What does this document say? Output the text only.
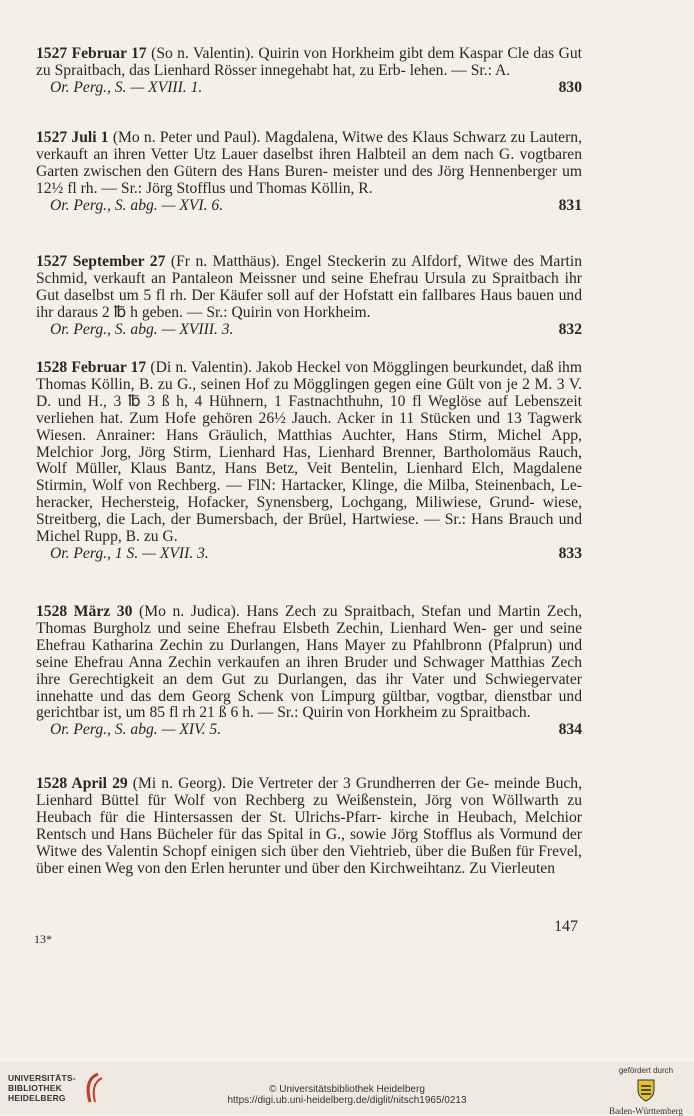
1527 Februar 17 (So n. Valentin). Quirin von Horkheim gibt dem Kaspar Cle das Gut zu Spraitbach, das Lienhard Rösser innegehabt hat, zu Erb- lehen. — Sr.: A.

Or. Perg., S. — XVIII. 1.	830

1527 Juli 1 (Mo n. Peter und Paul). Magdalena, Witwe des Klaus Schwarz zu Lautern, verkauft an ihren Vetter Utz Lauer daselbst ihren Halbteil an dem nach G. vogtbaren Garten zwischen den Gütern des Hans Buren- meister und des Jörg Hennenberger um 12½ fl rh. — Sr.: Jörg Stofflus und Thomas Köllin, R.

Or. Perg., S. abg. — XVI. 6.	831

1527 September 27 (Fr n. Matthäus). Engel Steckerin zu Alfdorf, Witwe des Martin Schmid, verkauft an Pantaleon Meissner und seine Ehefrau Ursula zu Spraitbach ihr Gut daselbst um 5 fl rh. Der Käufer soll auf der Hofstatt ein fallbares Haus bauen und ihr daraus 2 ℔ h geben. — Sr.: Quirin von Horkheim.

Or. Perg., S. abg. — XVIII. 3.	832

1528 Februar 17 (Di n. Valentin). Jakob Heckel von Mögglingen beurkundet, daß ihm Thomas Köllin, B. zu G., seinen Hof zu Mögglingen gegen eine Gült von je 2 M. 3 V. D. und H., 3 ℔ 3 ß h, 4 Hühnern, 1 Fastnachthuhn, 10 fl Weglöse auf Lebenszeit verliehen hat. Zum Hofe gehören 26½ Jauch. Acker in 11 Stücken und 13 Tagwerk Wiesen. Anrainer: Hans Gräulich, Matthias Auchter, Hans Stirm, Michel App, Melchior Jorg, Jörg Stirm, Lienhard Has, Lienhard Brenner, Bartholomäus Rauch, Wolf Müller, Klaus Bantz, Hans Betz, Veit Bentelin, Lienhard Elch, Magdalene Stirmin, Wolf von Rechberg. — FlN: Hartacker, Klinge, die Milba, Steinenbach, Le- heracker, Hechersteig, Hofacker, Synensberg, Lochgang, Miliwiese, Grund- wiese, Streitberg, die Lach, der Bumersbach, der Brüel, Hartwiese. — Sr.: Hans Brauch und Michel Rupp, B. zu G.

Or. Perg., 1 S. — XVII. 3.	833

1528 März 30 (Mo n. Judica). Hans Zech zu Spraitbach, Stefan und Martin Zech, Thomas Burgholz und seine Ehefrau Elsbeth Zechin, Lienhard Wen- ger und seine Ehefrau Katharina Zechin zu Durlangen, Hans Mayer zu Pfahlbronn (Pfalprun) und seine Ehefrau Anna Zechin verkaufen an ihren Bruder und Schwager Matthias Zech ihre Gerechtigkeit an dem Gut zu Durlangen, das ihr Vater und Schwiegervater innehatte und das dem Georg Schenk von Limpurg gültbar, vogtbar, dienstbar und gerichtbar ist, um 85 fl rh 21 ß 6 h. — Sr.: Quirin von Horkheim zu Spraitbach.

Or. Perg., S. abg. — XIV. 5.	834

1528 April 29 (Mi n. Georg). Die Vertreter der 3 Grundherren der Ge- meinde Buch, Lienhard Büttel für Wolf von Rechberg zu Weißenstein, Jörg von Wöllwarth zu Heubach für die Hintersassen der St. Ulrichs-Pfarr- kirche in Heubach, Melchior Rentsch und Hans Bücheler für das Spital in G., sowie Jörg Stofflus als Vormund der Witwe des Valentin Schopf einigen sich über den Viehtrieb, über die Bußen für Frevel, über einen Weg von den Erlen herunter und über den Kirchweihtanz. Zu Vierleuten

147
13*
UNIVERSITÄTS-
BIBLIOTHEK
HEIDELBERG
© Universitätsbibliothek Heidelberg
https://digi.ub.uni-heidelberg.de/diglit/nitsch1965/0213
gefördert durch
Baden-Württemberg
